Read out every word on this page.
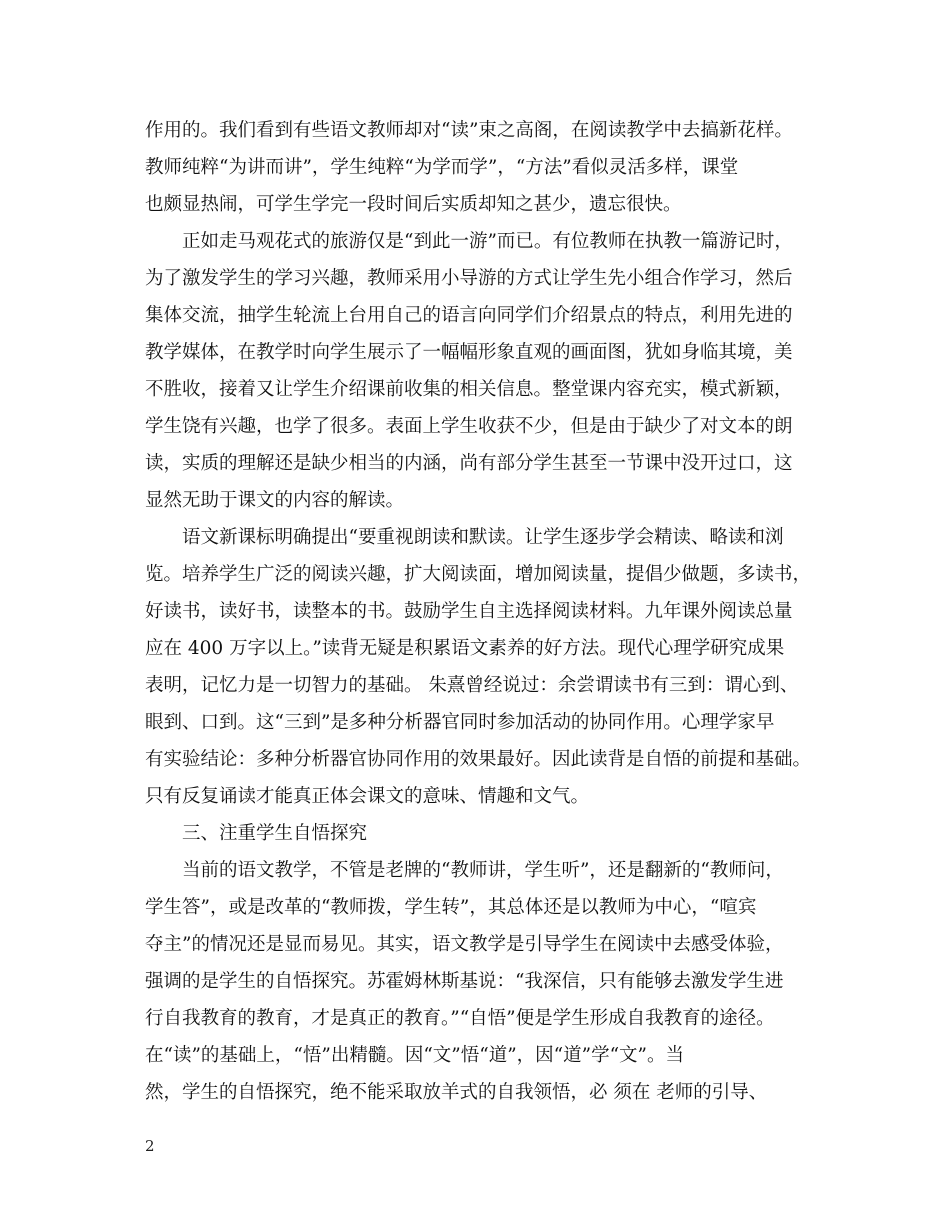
作用的。我们看到有些语文教师却对“读”束之高阁，在阅读教学中去搞新花样。
教师纯粹“为讲而讲”，学生纯粹“为学而学”，“方法”看似灵活多样，课堂
也颇显热闹，可学生学完一段时间后实质却知之甚少，遗忘很快。
正如走马观花式的旅游仅是“到此一游”而已。有位教师在执教一篇游记时，
为了激发学生的学习兴趣，教师采用小导游的方式让学生先小组合作学习，然后
集体交流，抽学生轮流上台用自己的语言向同学们介绍景点的特点，利用先进的
教学媒体，在教学时向学生展示了一幅幅形象直观的画面图，犹如身临其境，美
不胜收，接着又让学生介绍课前收集的相关信息。整堂课内容充实，模式新颖，
学生饶有兴趣，也学了很多。表面上学生收获不少，但是由于缺少了对文本的朗
读，实质的理解还是缺少相当的内涵，尚有部分学生甚至一节课中没开过口，这
显然无助于课文的内容的解读。
语文新课标明确提出“要重视朗读和默读。让学生逐步学会精读、略读和浏
览。培养学生广泛的阅读兴趣，扩大阅读面，增加阅读量，提倡少做题，多读书，
好读书，读好书，读整本的书。鼓励学生自主选择阅读材料。九年课外阅读总量
应在 400 万字以上。”读背无疑是积累语文素养的好方法。现代心理学研究成果
表明，记忆力是一切智力的基础。 朱熹曾经说过：余尝谓读书有三到：谓心到、
眼到、口到。这“三到”是多种分析器官同时参加活动的协同作用。心理学家早
有实验结论：多种分析器官协同作用的效果最好。因此读背是自悟的前提和基础。
只有反复诵读才能真正体会课文的意味、情趣和文气。
三、注重学生自悟探究
当前的语文教学，不管是老牌的“教师讲，学生听”，还是翻新的“教师问，
学生答”，或是改革的“教师拨，学生转”，其总体还是以教师为中心，“喧宾
夺主”的情况还是显而易见。其实，语文教学是引导学生在阅读中去感受体验，
强调的是学生的自悟探究。苏霍姆林斯基说：“我深信，只有能够去激发学生进
行自我教育的教育，才是真正的教育。”“自悟”便是学生形成自我教育的途径。
在“读”的基础上，“悟”出精髓。因“文”悟“道”，因“道”学“文”。当
然，学生的自悟探究，绝不能采取放羊式的自我领悟，必 须在 老师的引导、
2
